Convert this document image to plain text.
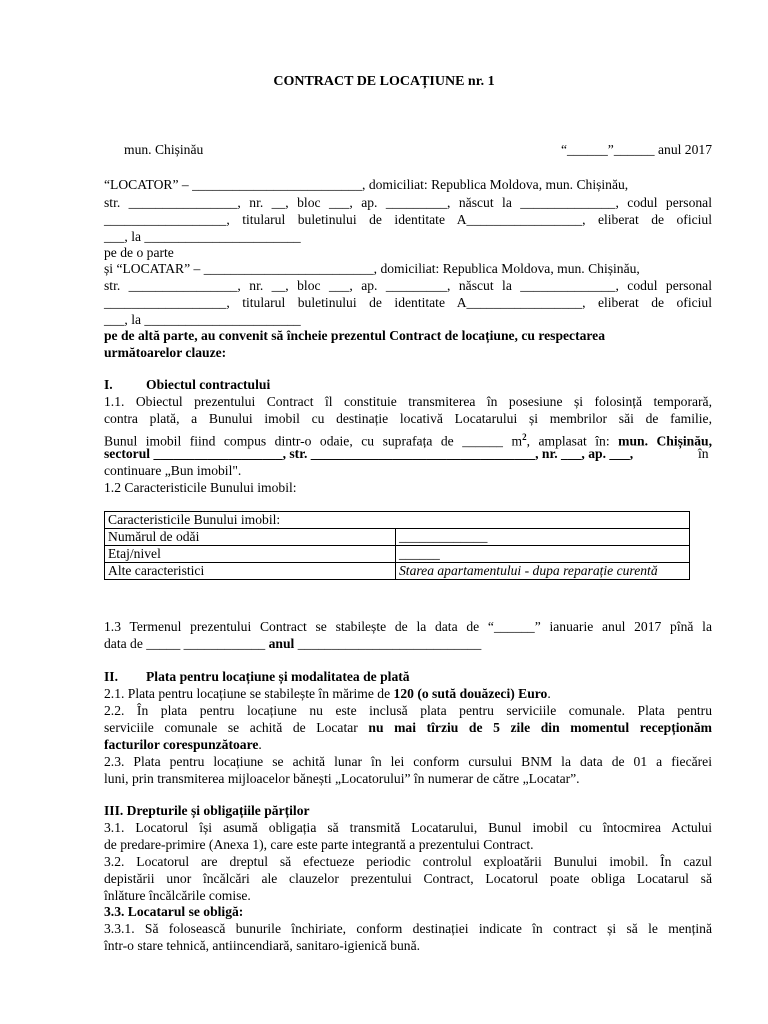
CONTRACT DE LOCAȚIUNE nr. 1
mun. Chișinău	“______”______ anul 2017
“LOCATOR” – _________________________, domiciliat: Republica Moldova, mun. Chișinău,
str. ________________, nr. __, bloc ___, ap. _________, născut la ______________, codul personal
__________________, titularul buletinului de identitate A_________________, eliberat de oficiul
___, la _______________________
pe de o parte
și “LOCATAR” – _________________________, domiciliat: Republica Moldova, mun. Chișinău,
str. ________________, nr. __, bloc ___, ap. _________, născut la ______________, codul personal
__________________, titularul buletinului de identitate A_________________, eliberat de oficiul
___, la _______________________
pe de altă parte, au convenit să încheie prezentul Contract de locațiune, cu respectarea
următoarelor clauze:
I. Obiectul contractului
1.1. Obiectul prezentului Contract îl constituie transmiterea în posesiune și folosință temporară,
contra plată, a Bunului imobil cu destinație locativă Locatarului și membrilor săi de familie,
Bunul imobil fiind compus dintr-o odaie, cu suprafața de ______ $m^2$, amplasat în: mun. Chișinău,
sectorul ___________________, str. _________________________________, nr. ___, ap. ___,	în
continuare „Bun imobil".
1.2 Caracteristicile Bunului imobil:
Caracteristicile Bunului imobil:	
Numărul de odăi	_____________
Etaj/nivel	______
Alte caracteristici	Starea apartamentului - dupa reparație curentă
1.3 Termenul prezentului Contract se stabilește de la data de “______” ianuarie anul 2017 pînă la
data de _____ ____________ anul ___________________________
II. Plata pentru locațiune și modalitatea de plată
2.1. Plata pentru locațiune se stabilește în mărime de 120 (o sută douăzeci) Euro.
2.2. În plata pentru locațiune nu este inclusă plata pentru serviciile comunale. Plata pentru
serviciile comunale se achită de Locatar nu mai tîrziu de 5 zile din momentul recepționăm
facturilor corespunzătoare.
2.3. Plata pentru locațiune se achită lunar în lei conform cursului BNM la data de 01 a fiecărei
luni, prin transmiterea mijloacelor bănești „Locatorului” în numerar de către „Locatar”.
III. Drepturile și obligațiile părților
3.1. Locatorul își asumă obligația să transmită Locatarului, Bunul imobil cu întocmirea Actului
de predare-primire (Anexa 1), care este parte integrantă a prezentului Contract.
3.2. Locatorul are dreptul să efectueze periodic controlul exploatării Bunului imobil. În cazul
depistării unor încălcări ale clauzelor prezentului Contract, Locatorul poate obliga Locatarul să
înlăture încălcările comise.
3.3. Locatarul se obligă:
3.3.1. Să folosească bunurile închiriate, conform destinației indicate în contract și să le mențină
într-o stare tehnică, antiincendiară, sanitaro-igienică bună.
